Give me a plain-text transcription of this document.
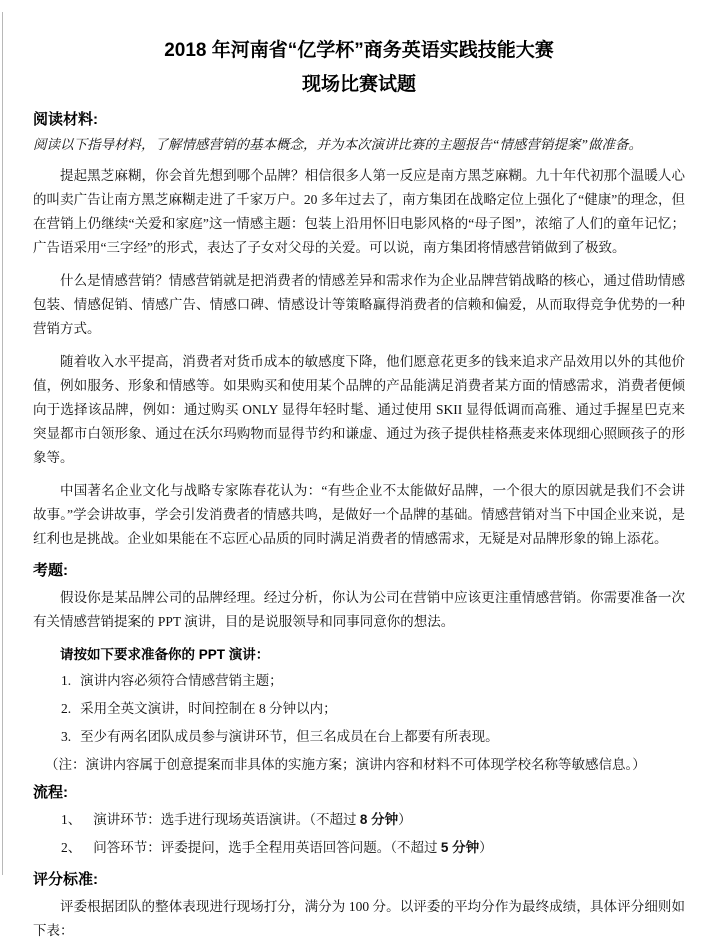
2018 年河南省“亿学杯”商务英语实践技能大赛
现场比赛试题
阅读材料:

阅读以下指导材料，了解情感营销的基本概念，并为本次演讲比赛的主题报告“情感营销提案”做准备。

提起黑芝麻糊，你会首先想到哪个品牌？相信很多人第一反应是南方黑芝麻糊。九十年代初那个温暖人心的叫卖广告让南方黑芝麻糊走进了千家万户。20 多年过去了，南方集团在战略定位上强化了“健康”的理念，但在营销上仍继续“关爱和家庭”这一情感主题：包装上沿用怀旧电影风格的“母子图”，浓缩了人们的童年记忆；广告语采用“三字经”的形式，表达了子女对父母的关爱。可以说，南方集团将情感营销做到了极致。

什么是情感营销？情感营销就是把消费者的情感差异和需求作为企业品牌营销战略的核心，通过借助情感包装、情感促销、情感广告、情感口碑、情感设计等策略赢得消费者的信赖和偏爱，从而取得竞争优势的一种营销方式。

随着收入水平提高，消费者对货币成本的敏感度下降，他们愿意花更多的钱来追求产品效用以外的其他价值，例如服务、形象和情感等。如果购买和使用某个品牌的产品能满足消费者某方面的情感需求，消费者便倾向于选择该品牌，例如：通过购买 ONLY 显得年轻时髦、通过使用 SKII 显得低调而高雅、通过手握星巴克来突显都市白领形象、通过在沃尔玛购物而显得节约和谦虚、通过为孩子提供桂格燕麦来体现细心照顾孩子的形象等。

中国著名企业文化与战略专家陈春花认为：“有些企业不太能做好品牌，一个很大的原因就是我们不会讲故事。”学会讲故事，学会引发消费者的情感共鸣，是做好一个品牌的基础。情感营销对当下中国企业来说，是红利也是挑战。企业如果能在不忘匠心品质的同时满足消费者的情感需求，无疑是对品牌形象的锦上添花。

考题:

假设你是某品牌公司的品牌经理。经过分析，你认为公司在营销中应该更注重情感营销。你需要准备一次有关情感营销提案的 PPT 演讲，目的是说服领导和同事同意你的想法。

请按如下要求准备你的 PPT 演讲：

1. 演讲内容必须符合情感营销主题；
2. 采用全英文演讲，时间控制在 8 分钟以内；
3. 至少有两名团队成员参与演讲环节，但三名成员在台上都要有所表现。

（注：演讲内容属于创意提案而非具体的实施方案；演讲内容和材料不可体现学校名称等敏感信息。）

流程:
1、 演讲环节：选手进行现场英语演讲。（不超过 8 分钟）
2、 问答环节：评委提问，选手全程用英语回答问题。（不超过 5 分钟）
评分标准:

评委根据团队的整体表现进行现场打分，满分为 100 分。以评委的平均分作为最终成绩，具体评分细则如下表：
